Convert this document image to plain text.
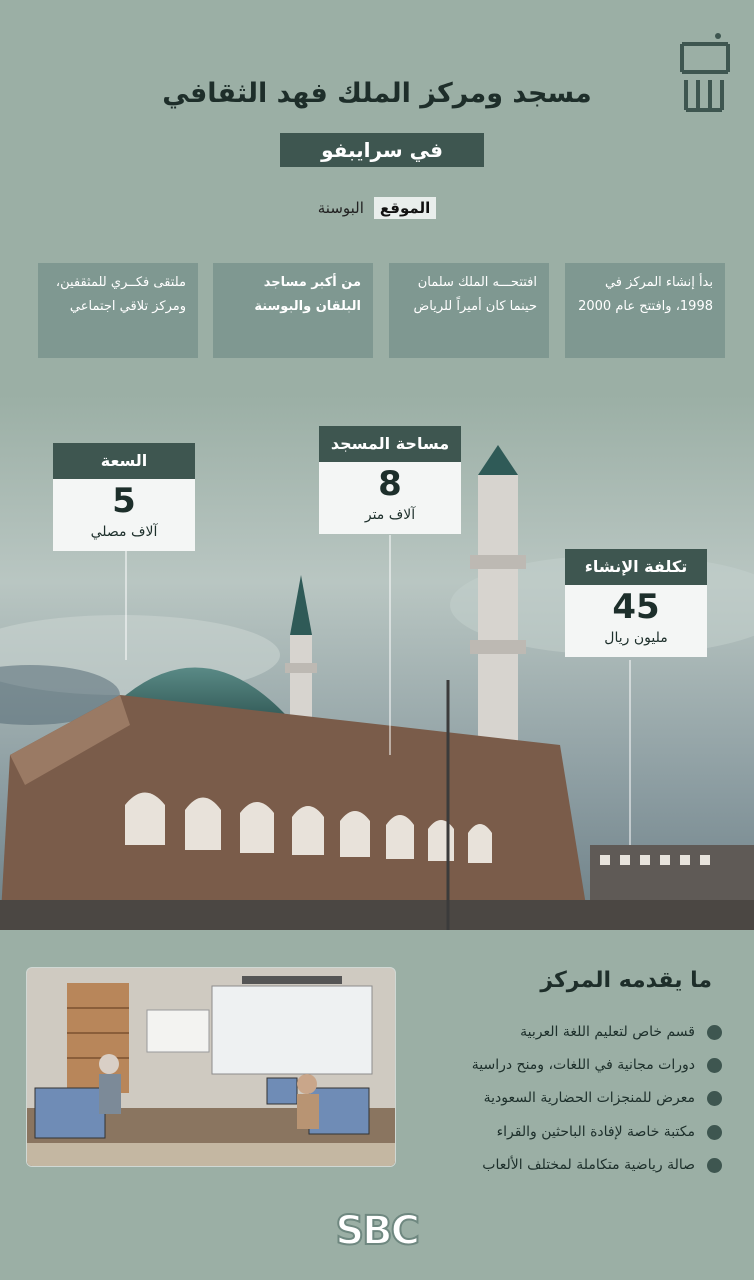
مسجد ومركز الملك فهد الثقافي
في سرايبفو
الموقع
البوسنة
بدأ إنشاء المركز في 1998، وافتتح عام 2000
افتتحـــه الملك سلمان حينما كان أميراً للرياض
من أكبر مساجد البلقان والبوسنة
ملتقى فكــري للمثقفين، ومركز تلاقي اجتماعي
السعة
5
آلاف مصلي
مساحة المسجد
8
آلاف متر
تكلفة الإنشاء
45
مليون ريال
ما يقدمه المركز
قسم خاص لتعليم اللغة العربية
دورات مجانية في اللغات، ومنح دراسية
معرض للمنجزات الحضارية السعودية
مكتبة خاصة لإفادة الباحثين والقراء
صالة رياضية متكاملة لمختلف الألعاب
SBC
